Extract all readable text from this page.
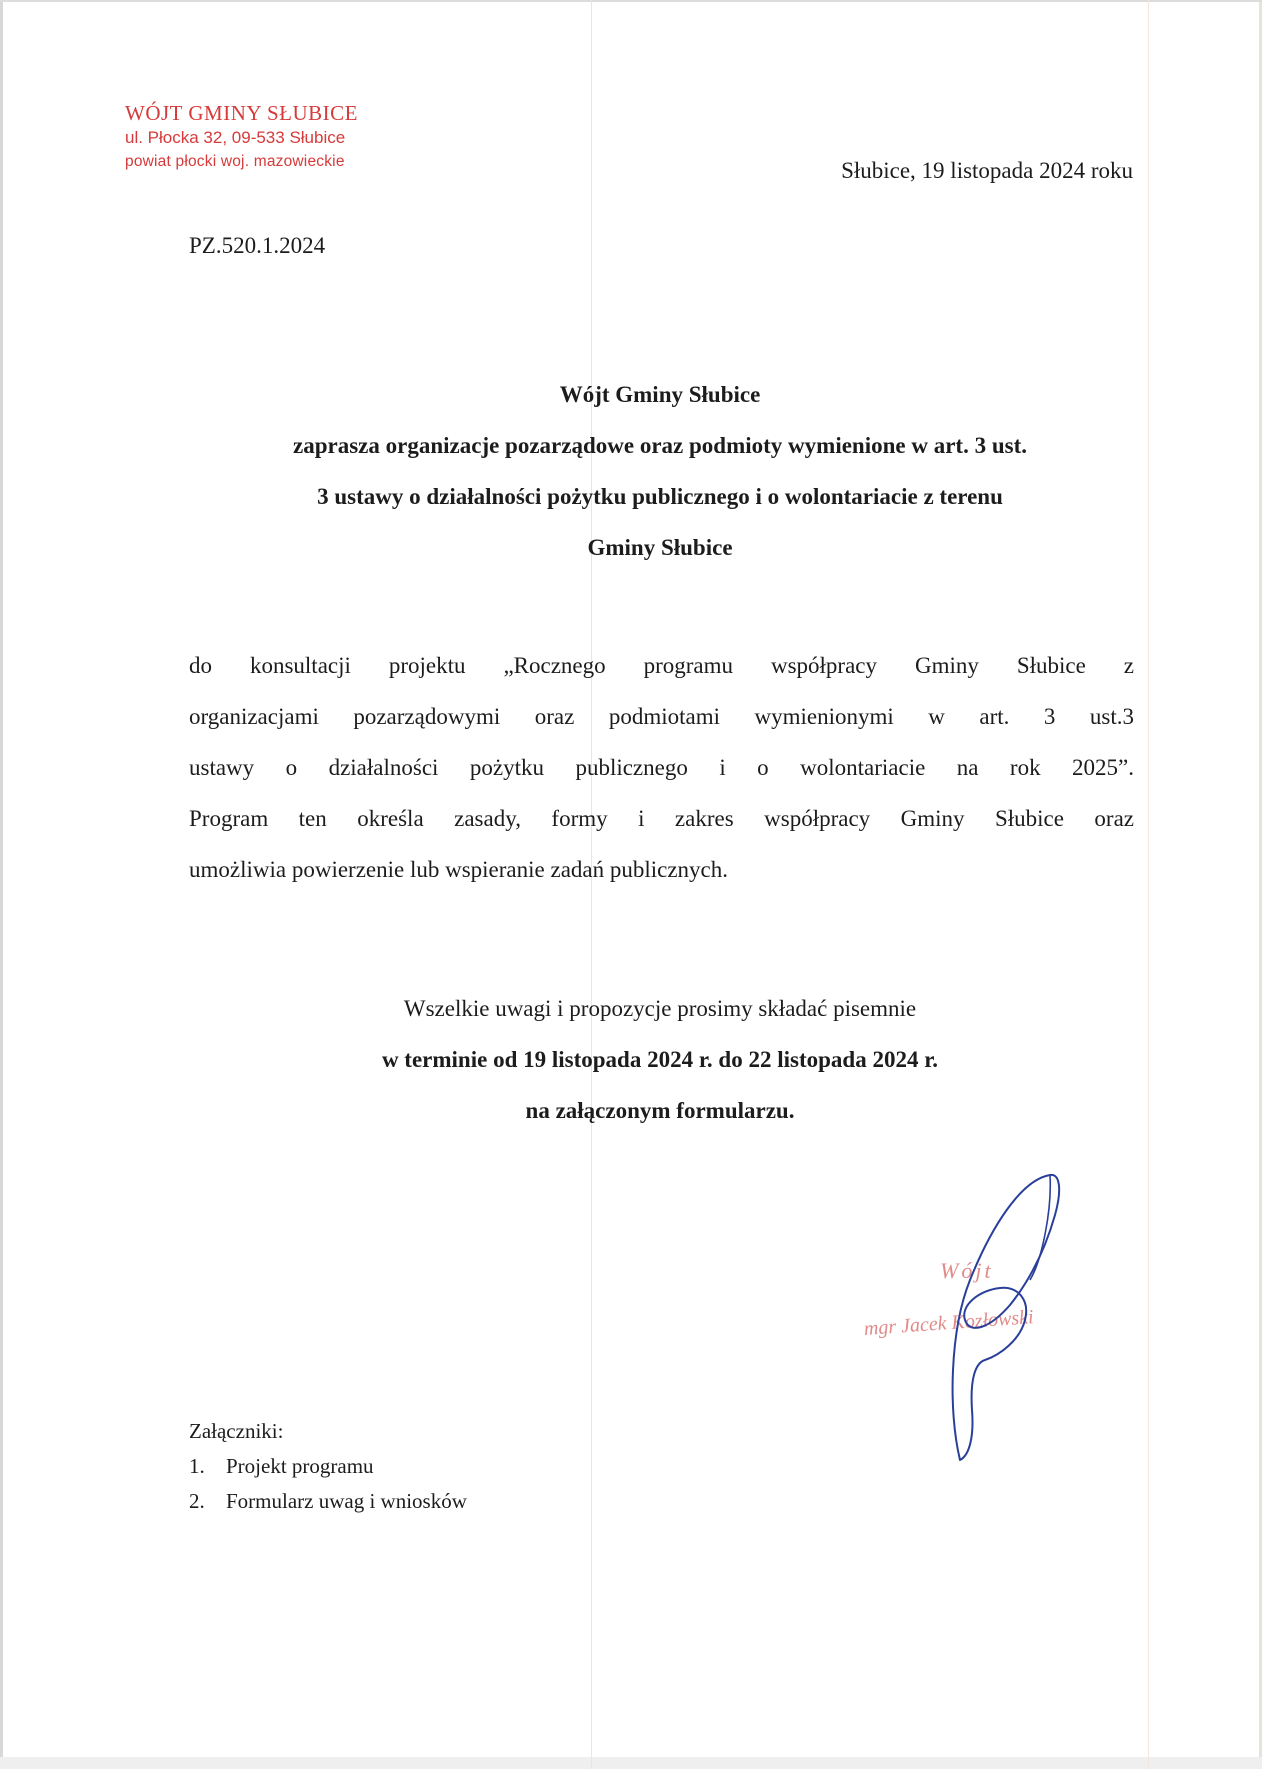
WÓJT GMINY SŁUBICE
ul. Płocka 32, 09-533 Słubice
powiat płocki woj. mazowieckie	Słubice, 19 listopada 2024 roku
PZ.520.1.2024
Wójt Gminy Słubice
zaprasza organizacje pozarządowe oraz podmioty wymienione w art. 3 ust.
3 ustawy o działalności pożytku publicznego i o wolontariacie z terenu
Gminy Słubice
do konsultacji projektu „Rocznego programu współpracy Gminy Słubice z
organizacjami pozarządowymi oraz podmiotami wymienionymi w art. 3 ust.3
ustawy o działalności pożytku publicznego i o wolontariacie na rok 2025”.
Program ten określa zasady, formy i zakres współpracy Gminy Słubice oraz
umożliwia powierzenie lub wspieranie zadań publicznych.
Wszelkie uwagi i propozycje prosimy składać pisemnie
w terminie od 19 listopada 2024 r. do 22 listopada 2024 r.
na załączonym formularzu.
Wójt
mgr Jacek Kozłowski
Załączniki:
1. Projekt programu
2. Formularz uwag i wniosków
